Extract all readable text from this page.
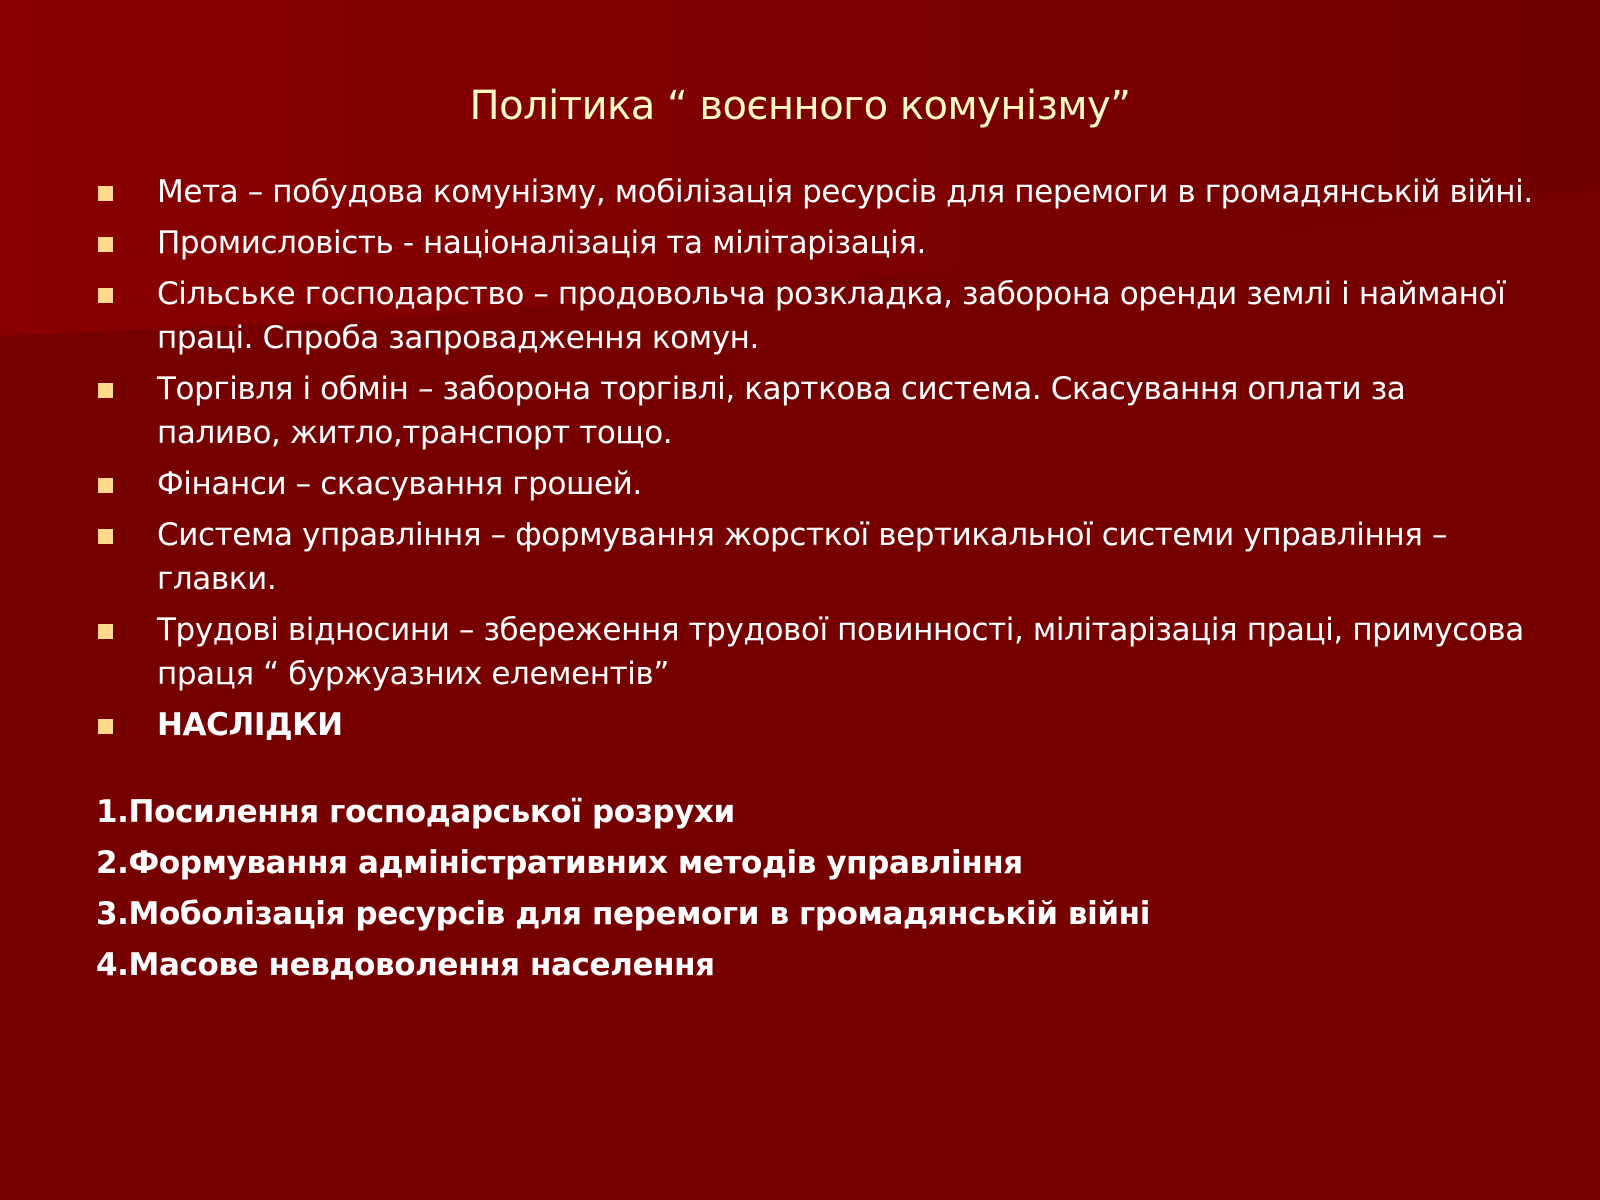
Політика “ воєнного комунізму”
Мета – побудова комунізму, мобілізація ресурсів для перемоги в громадянській війні.
Промисловість - націоналізація та мілітарізація.
Сільське господарство – продовольча розкладка, заборона оренди землі і найманої праці. Спроба запровадження комун.
Торгівля і обмін – заборона торгівлі, карткова система. Скасування оплати за паливо, житло,транспорт тощо.
Фінанси – скасування грошей.
Система управління – формування жорсткої вертикальної системи управління – главки.
Трудові відносини – збереження трудової повинності, мілітарізація праці, примусова праця “ буржуазних елементів”
НАСЛІДКИ
1.Посилення господарської розрухи
2.Формування адміністративних методів управління
3.Моболізація ресурсів для перемоги в громадянській війні
4.Масове невдоволення населення
